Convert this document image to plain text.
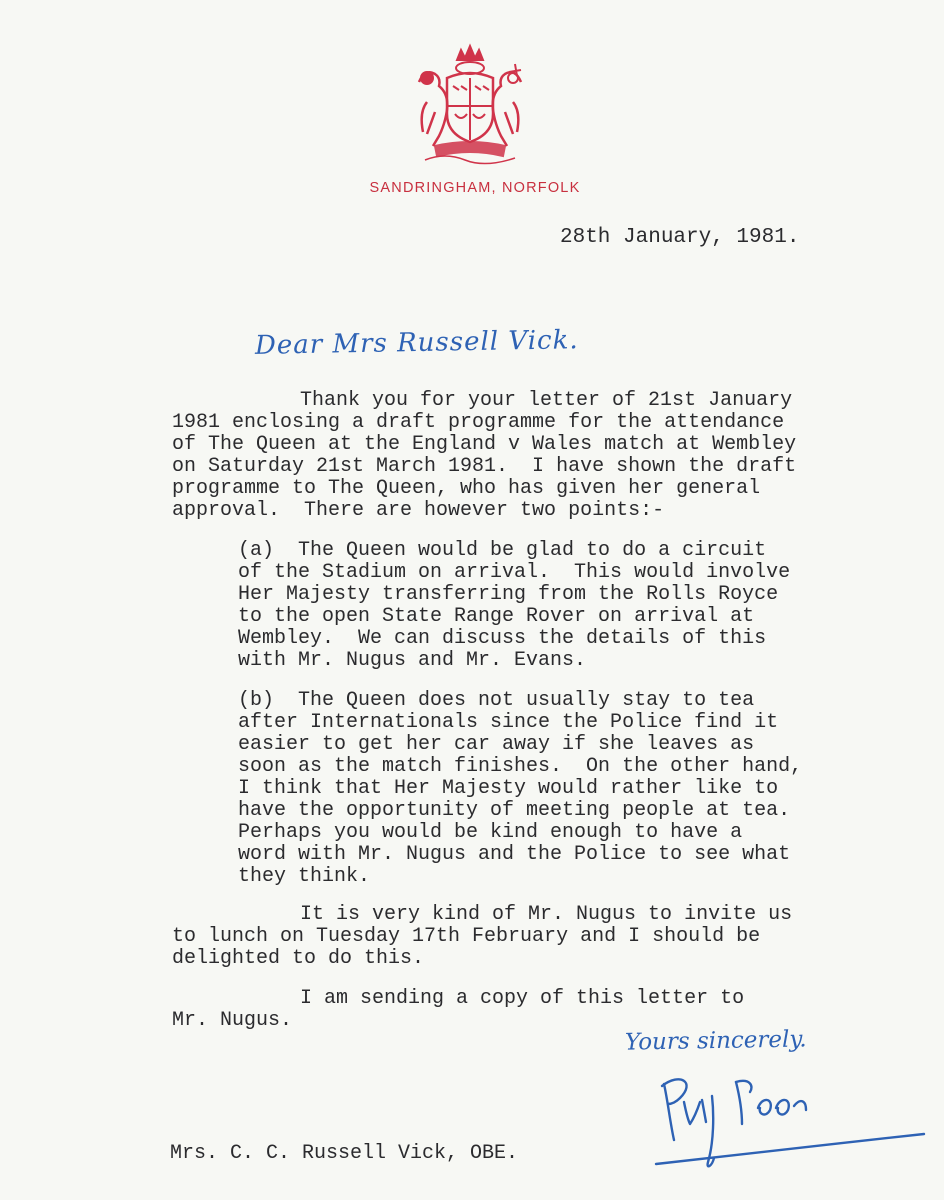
SANDRINGHAM, NORFOLK
28th January, 1981.
Dear Mrs Russell Vick.
Thank you for your letter of 21st January
1981 enclosing a draft programme for the attendance
of The Queen at the England v Wales match at Wembley
on Saturday 21st March 1981.  I have shown the draft
programme to The Queen, who has given her general
approval.  There are however two points:-
(a)  The Queen would be glad to do a circuit
of the Stadium on arrival.  This would involve
Her Majesty transferring from the Rolls Royce
to the open State Range Rover on arrival at
Wembley.  We can discuss the details of this
with Mr. Nugus and Mr. Evans.
(b)  The Queen does not usually stay to tea
after Internationals since the Police find it
easier to get her car away if she leaves as
soon as the match finishes.  On the other hand,
I think that Her Majesty would rather like to
have the opportunity of meeting people at tea.
Perhaps you would be kind enough to have a
word with Mr. Nugus and the Police to see what
they think.
It is very kind of Mr. Nugus to invite us
to lunch on Tuesday 17th February and I should be
delighted to do this.
I am sending a copy of this letter to
Mr. Nugus.
Yours sincerely.
Mrs. C. C. Russell Vick, OBE.
